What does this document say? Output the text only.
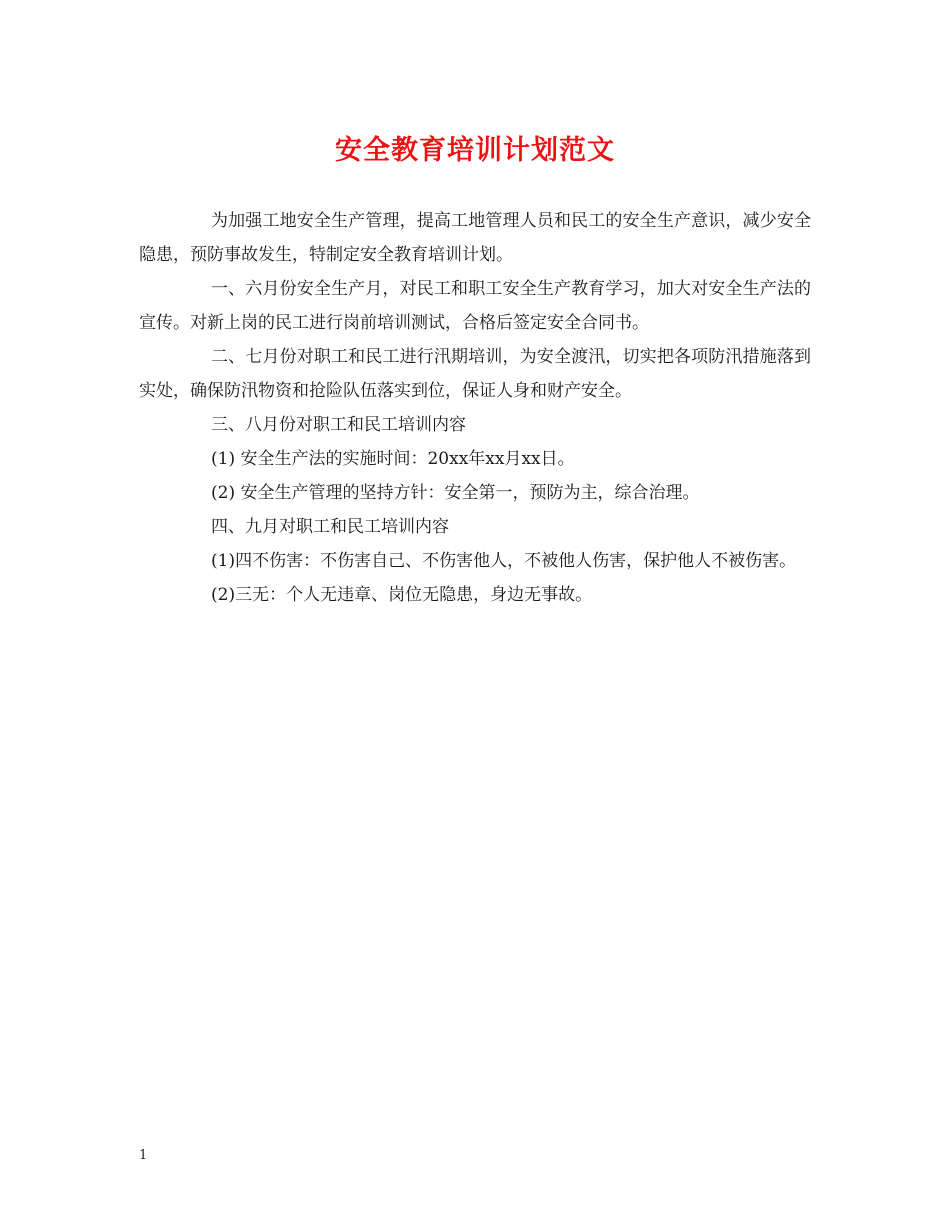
安全教育培训计划范文

为加强工地安全生产管理，提高工地管理人员和民工的安全生产意识，减少安全隐患，预防事故发生，特制定安全教育培训计划。

一、六月份安全生产月，对民工和职工安全生产教育学习，加大对安全生产法的宣传。对新上岗的民工进行岗前培训测试，合格后签定安全合同书。

二、七月份对职工和民工进行汛期培训，为安全渡汛，切实把各项防汛措施落到实处，确保防汛物资和抢险队伍落实到位，保证人身和财产安全。

三、八月份对职工和民工培训内容

(1) 安全生产法的实施时间：20xx年xx月xx日。

(2) 安全生产管理的坚持方针：安全第一，预防为主，综合治理。

四、九月对职工和民工培训内容

(1)四不伤害：不伤害自己、不伤害他人，不被他人伤害，保护他人不被伤害。

(2)三无：个人无违章、岗位无隐患，身边无事故。

1
